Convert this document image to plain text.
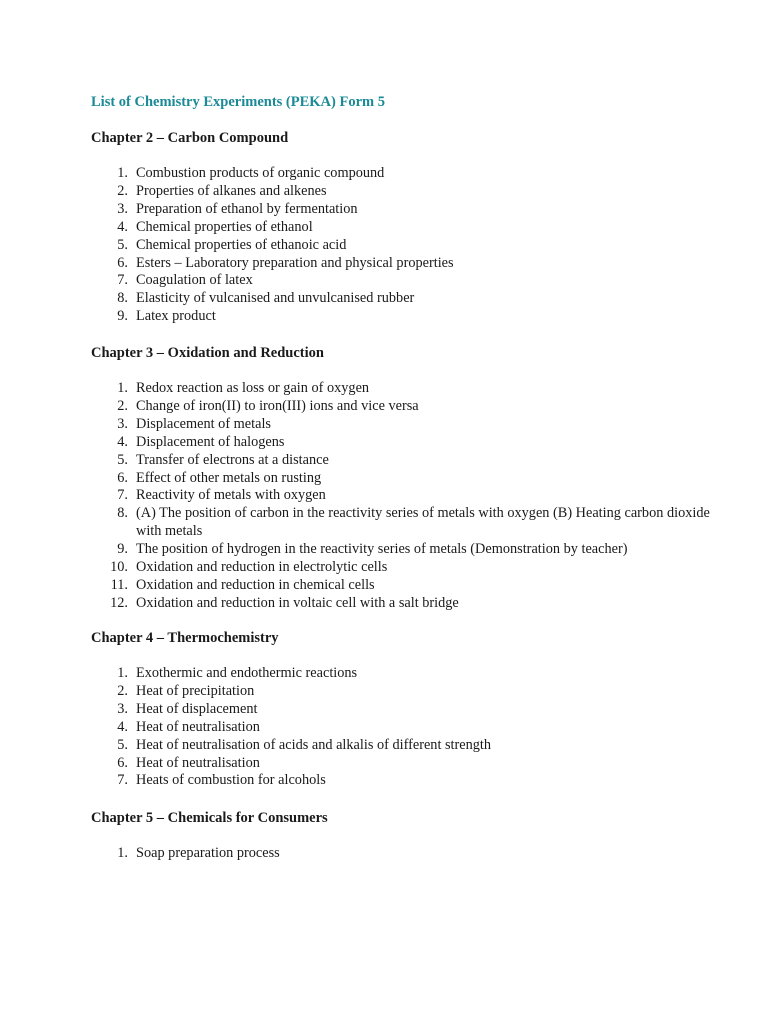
List of Chemistry Experiments (PEKA) Form 5
Chapter 2 – Carbon Compound
1. Combustion products of organic compound
2. Properties of alkanes and alkenes
3. Preparation of ethanol by fermentation
4. Chemical properties of ethanol
5. Chemical properties of ethanoic acid
6. Esters – Laboratory preparation and physical properties
7. Coagulation of latex
8. Elasticity of vulcanised and unvulcanised rubber
9. Latex product
Chapter 3 – Oxidation and Reduction
1. Redox reaction as loss or gain of oxygen
2. Change of iron(II) to iron(III) ions and vice versa
3. Displacement of metals
4. Displacement of halogens
5. Transfer of electrons at a distance
6. Effect of other metals on rusting
7. Reactivity of metals with oxygen
8. (A) The position of carbon in the reactivity series of metals with oxygen (B) Heating carbon dioxide with metals
9. The position of hydrogen in the reactivity series of metals (Demonstration by teacher)
10. Oxidation and reduction in electrolytic cells
11. Oxidation and reduction in chemical cells
12. Oxidation and reduction in voltaic cell with a salt bridge
Chapter 4 – Thermochemistry
1. Exothermic and endothermic reactions
2. Heat of precipitation
3. Heat of displacement
4. Heat of neutralisation
5. Heat of neutralisation of acids and alkalis of different strength
6. Heat of neutralisation
7. Heats of combustion for alcohols
Chapter 5 – Chemicals for Consumers
1. Soap preparation process
